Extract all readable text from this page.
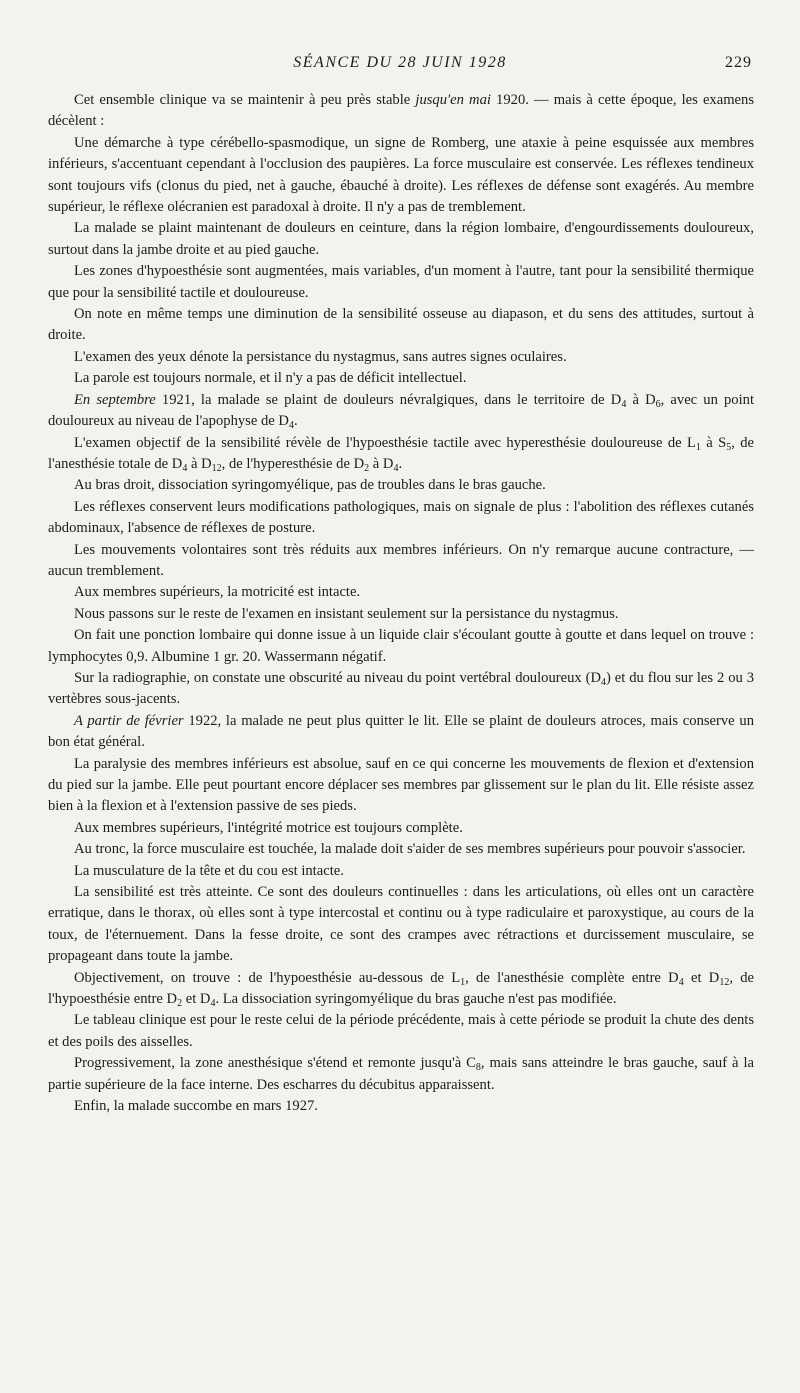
SÉANCE DU 28 JUIN 1928	229

Cet ensemble clinique va se maintenir à peu près stable jusqu'en mai 1920. — mais à cette époque, les examens décèlent :

Une démarche à type cérébello-spasmodique, un signe de Romberg, une ataxie à peine esquissée aux membres inférieurs, s'accentuant cependant à l'occlusion des paupières. La force musculaire est conservée. Les réflexes tendineux sont toujours vifs (clonus du pied, net à gauche, ébauché à droite). Les réflexes de défense sont exagérés. Au membre supérieur, le réflexe olécranien est paradoxal à droite. Il n'y a pas de tremblement.

La malade se plaint maintenant de douleurs en ceinture, dans la région lombaire, d'engourdissements douloureux, surtout dans la jambe droite et au pied gauche.

Les zones d'hypoesthésie sont augmentées, mais variables, d'un moment à l'autre, tant pour la sensibilité thermique que pour la sensibilité tactile et douloureuse.

On note en même temps une diminution de la sensibilité osseuse au diapason, et du sens des attitudes, surtout à droite.

L'examen des yeux dénote la persistance du nystagmus, sans autres signes oculaires.

La parole est toujours normale, et il n'y a pas de déficit intellectuel.

En septembre 1921, la malade se plaint de douleurs névralgiques, dans le territoire de $D_4$ à $D_6$, avec un point douloureux au niveau de l'apophyse de $D_4$.

L'examen objectif de la sensibilité révèle de l'hypoesthésie tactile avec hyperesthésie douloureuse de $L_1$ à $S_5$, de l'anesthésie totale de $D_4$ à $D_{12}$, de l'hyperesthésie de $D_2$ à $D_4$.

Au bras droit, dissociation syringomyélique, pas de troubles dans le bras gauche.

Les réflexes conservent leurs modifications pathologiques, mais on signale de plus : l'abolition des réflexes cutanés abdominaux, l'absence de réflexes de posture.

Les mouvements volontaires sont très réduits aux membres inférieurs. On n'y remarque aucune contracture, — aucun tremblement.

Aux membres supérieurs, la motricité est intacte.

Nous passons sur le reste de l'examen en insistant seulement sur la persistance du nystagmus.

On fait une ponction lombaire qui donne issue à un liquide clair s'écoulant goutte à goutte et dans lequel on trouve : lymphocytes 0,9. Albumine 1 gr. 20. Wassermann négatif.

Sur la radiographie, on constate une obscurité au niveau du point vertébral douloureux $(D_4)$ et du flou sur les 2 ou 3 vertèbres sous-jacents.

A partir de février 1922, la malade ne peut plus quitter le lit. Elle se plaint de douleurs atroces, mais conserve un bon état général.

La paralysie des membres inférieurs est absolue, sauf en ce qui concerne les mouvements de flexion et d'extension du pied sur la jambe. Elle peut pourtant encore déplacer ses membres par glissement sur le plan du lit. Elle résiste assez bien à la flexion et à l'extension passive de ses pieds.

Aux membres supérieurs, l'intégrité motrice est toujours complète.

Au tronc, la force musculaire est touchée, la malade doit s'aider de ses membres supérieurs pour pouvoir s'associer.

La musculature de la tête et du cou est intacte.

La sensibilité est très atteinte. Ce sont des douleurs continuelles : dans les articulations, où elles ont un caractère erratique, dans le thorax, où elles sont à type intercostal et continu ou à type radiculaire et paroxystique, au cours de la toux, de l'éternuement. Dans la fesse droite, ce sont des crampes avec rétractions et durcissement musculaire, se propageant dans toute la jambe.

Objectivement, on trouve : de l'hypoesthésie au-dessous de $L_1$, de l'anesthésie complète entre $D_4$ et $D_{12}$, de l'hypoesthésie entre $D_2$ et $D_4$. La dissociation syringomyélique du bras gauche n'est pas modifiée.

Le tableau clinique est pour le reste celui de la période précédente, mais à cette période se produit la chute des dents et des poils des aisselles.

Progressivement, la zone anesthésique s'étend et remonte jusqu'à $C_8$, mais sans atteindre le bras gauche, sauf à la partie supérieure de la face interne. Des escharres du décubitus apparaissent.

Enfin, la malade succombe en mars 1927.
